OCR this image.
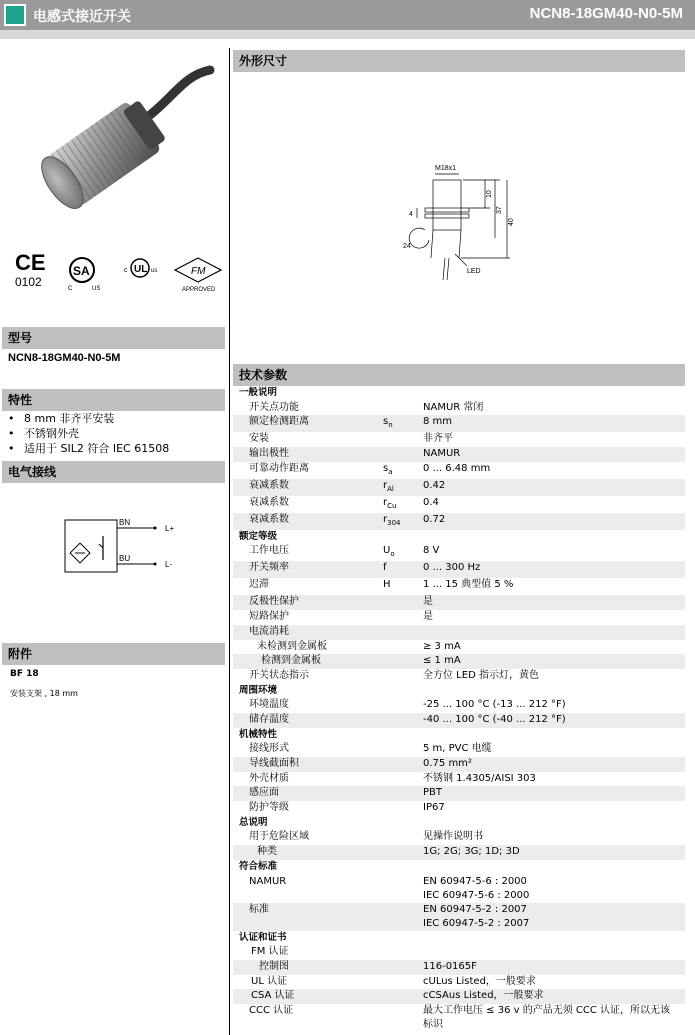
电感式接近开关	NCN8-18GM40-N0-5M
CE
0102
SA
C	US
UL
c	us	FM
APPROVED
型号
NCN8-18GM40-N0-5M
特性
• 8 mm 非齐平安装
• 不锈钢外壳
• 适用于 SIL2 符合 IEC 61508
电气接线
BN
BU
L+
L-
附件
BF 18
安装支架 , 18 mm
外形尺寸
M18x1
4
10
37
40
24
LED
技术参数
一般说明		

开关点功能		NAMUR 常闭

额定检测距离	$s_n$	8 mm

安装		非齐平

输出极性		NAMUR

可靠动作距离	$s_a$	0 ... 6.48 mm

衰减系数	$r_{Al}$	0.42

衰减系数	$r_{Cu}$	0.4

衰减系数	$r_{304}$	0.72

额定等级		

工作电压	$U_o$	8 V

开关频率	f	0 ... 300 Hz

迟滞	H	1 ... 15 典型值 5 %

反极性保护		是

短路保护		是

电流消耗		

未检测到金属板		≥ 3 mA

检测到金属板		≤ 1 mA

开关状态指示		全方位 LED 指示灯，黄色

周围环境		

环境温度		-25 ... 100 °C (-13 ... 212 °F)

储存温度		-40 ... 100 °C (-40 ... 212 °F)

机械特性		

接线形式		5 m, PVC 电缆

导线截面积		0.75 mm²

外壳材质		不锈钢 1.4305/AISI 303

感应面		PBT

防护等级		IP67

总说明		

用于危险区域		见操作说明书

种类		1G; 2G; 3G; 1D; 3D

符合标准		

NAMUR		EN 60947-5-6 : 2000
IEC 60947-5-6 : 2000

标准		EN 60947-5-2 : 2007
IEC 60947-5-2 : 2007

认证和证书		

FM 认证		

控制图		116-0165F

UL 认证		cULus Listed，一般要求

CSA 认证		cCSAus Listed，一般要求

CCC 认证		最大工作电压 ≤ 36 v 的产品无须 CCC 认证，所以无该
标识
